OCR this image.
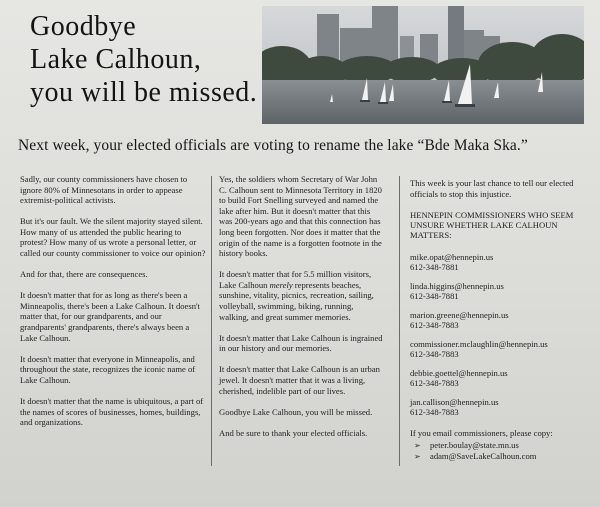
Goodbye
Lake Calhoun,
you will be missed.
Next week, your elected officials are voting to rename the lake “Bde Maka Ska.”

Sadly, our county commissioners have chosen to ignore 80% of Minnesotans in order to appease extremist-political activists.

But it's our fault. We the silent majority stayed silent. How many of us attended the public hearing to protest? How many of us wrote a personal letter, or called our county commissioner to voice our opinion?

And for that, there are consequences.

It doesn't matter that for as long as there's been a Minneapolis, there's been a Lake Calhoun. It doesn't matter that, for our grandparents, and our grandparents' grandparents, there's always been a Lake Calhoun.

It doesn't matter that everyone in Minneapolis, and throughout the state, recognizes the iconic name of Lake Calhoun.

It doesn't matter that the name is ubiquitous, a part of the names of scores of businesses, homes, buildings, and organizations.

Yes, the soldiers whom Secretary of War John C. Calhoun sent to Minnesota Territory in 1820 to build Fort Snelling surveyed and named the lake after him. But it doesn't matter that this was 200-years ago and that this connection has long been forgotten. Nor does it matter that the origin of the name is a forgotten footnote in the history books.

It doesn't matter that for 5.5 million visitors, Lake Calhoun merely represents beaches, sunshine, vitality, picnics, recreation, sailing, volleyball, swimming, biking, running, walking, and great summer memories.

It doesn't matter that Lake Calhoun is ingrained in our history and our memories.

It doesn't matter that Lake Calhoun is an urban jewel. It doesn't matter that it was a living, cherished, indelible part of our lives.

Goodbye Lake Calhoun, you will be missed.

And be sure to thank your elected officials.

This week is your last chance to tell our elected officials to stop this injustice.

HENNEPIN COMMISSIONERS WHO SEEM UNSURE WHETHER LAKE CALHOUN MATTERS:

mike.opat@hennepin.us
612-348-7881

linda.higgins@hennepin.us
612-348-7881

marion.greene@hennepin.us
612-348-7883

commissioner.mclaughlin@hennepin.us
612-348-7883

debbie.goettel@hennepin.us
612-348-7883

jan.callison@hennepin.us
612-348-7883

If you email commissioners, please copy:

➢ peter.boulay@state.mn.us
➢ adam@SaveLakeCalhoun.com
